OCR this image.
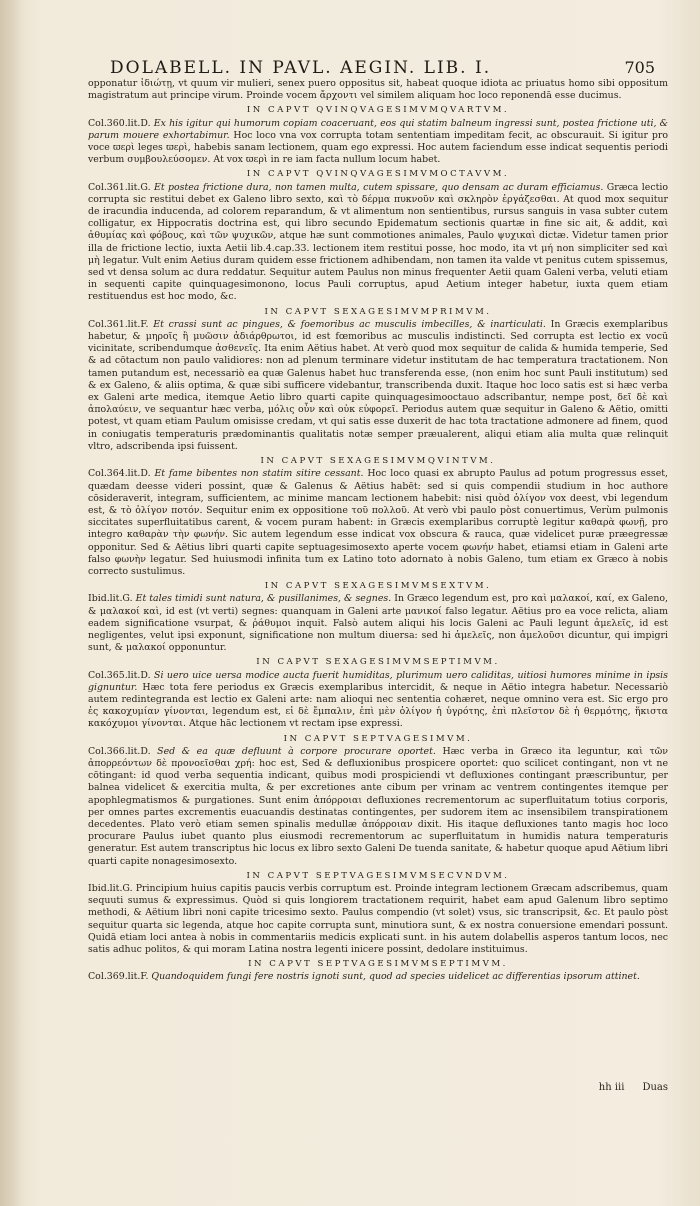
DOLABELL. IN PAVL. AEGIN. LIB. I.	705

opponatur ἰδιώτῃ, vt quum vir mulieri, senex puero oppositus sit, habeat quoque idiota ac priuatus homo sibi oppositum magistratum aut principe virum. Proinde vocem ἄρχοντι vel similem aliquam hoc loco reponendā esse ducimus.

IN CAPVT QVINQVAGESIMVMQVARTVM.

Col.360.lit.D. Ex his igitur qui humorum copiam coaceruant, eos qui statim balneum ingressi sunt, postea frictione uti, & parum mouere exhortabimur. Hoc loco vna vox corrupta totam sententiam impeditam fecit, ac obscurauit. Si igitur pro voce ϖερὶ leges ϖερὶ, habebis sanam lectionem, quam ego expressi. Hoc autem faciendum esse indicat sequentis periodi verbum συμβουλεύσομεν. At vox ϖερὶ in re iam facta nullum locum habet.

IN CAPVT QVINQVAGESIMVMOCTAVVM.

Col.361.lit.G. Et postea frictione dura, non tamen multa, cutem spissare, quo densam ac duram efficiamus. Græca lectio corrupta sic restitui debet ex Galeno libro sexto, καὶ τὸ δέρμα πυκνοῦν καὶ σκληρὸν ἐργάζεσθαι. At quod mox sequitur de iracundia inducenda, ad colorem reparandum, & vt alimentum non sentientibus, rursus sanguis in vasa subter cutem colligatur, ex Hippocratis doctrina est, qui libro secundo Epidematum sectionis quartæ in fine sic ait, & addit, καὶ ἀθυμίας καὶ φόβους, καὶ τῶν ψυχικῶν, atque hæ sunt commotiones animales, Paulo ψυχικαὶ dictæ. Videtur tamen prior illa de frictione lectio, iuxta Aetii lib.4.cap.33. lectionem item restitui posse, hoc modo, ita vt μή non simpliciter sed καὶ μὴ legatur. Vult enim Aetius duram quidem esse frictionem adhibendam, non tamen ita valde vt penitus cutem spissemus, sed vt densa solum ac dura reddatur. Sequitur autem Paulus non minus frequenter Aetii quam Galeni verba, veluti etiam in sequenti capite quinquagesimonono, locus Pauli corruptus, apud Aetium integer habetur, iuxta quem etiam restituendus est hoc modo, &c.

IN CAPVT SEXAGESIMVMPRIMVM.

Col.361.lit.F. Et crassi sunt ac pingues, & foemoribus ac musculis imbecilles, & inarticulati. In Græcis exemplaribus habetur, & μηροῖς ἢ μυῶσιν ἀδιάρθρωτοι, id est fœmoribus ac musculis indistincti. Sed corrupta est lectio ex vocū vicinitate, scribendumque ἀσθενεῖς. Ita enim Aëtius habet. At verò quod mox sequitur de calida & humida temperie, Sed & ad cōtactum non paulo validiores: non ad plenum terminare videtur institutam de hac temperatura tractationem. Non tamen putandum est, necessariò ea quæ Galenus habet huc transferenda esse, (non enim hoc sunt Pauli institutum) sed & ex Galeno, & aliis optima, & quæ sibi sufficere videbantur, transcribenda duxit. Itaque hoc loco satis est si hæc verba ex Galeni arte medica, itemque Aetio libro quarti capite quinquagesimooctauo adscribantur, nempe post, δεῖ δὲ καὶ ἀπολαύειν, ve sequantur hæc verba, μόλις οὖν καὶ οὐκ εὐφορεῖ. Periodus autem quæ sequitur in Galeno & Aëtio, omitti potest, vt quam etiam Paulum omisisse credam, vt qui satis esse duxerit de hac tota tractatione admonere ad finem, quod in coniugatis temperaturis prædominantis qualitatis notæ semper præualerent, aliqui etiam alia multa quæ relinquit vltro, adscribenda ipsi fuissent.

IN CAPVT SEXAGESIMVMQVINTVM.

Col.364.lit.D. Et fame bibentes non statim sitire cessant. Hoc loco quasi ex abrupto Paulus ad potum progressus esset, quædam deesse videri possint, quæ & Galenus & Aëtius habēt: sed si quis compendii studium in hoc authore cōsideraverit, integram, sufficientem, ac minime mancam lectionem habebit: nisi quòd ὀλίγον vox deest, vbi legendum est, & τὸ ὀλίγον ποτόν. Sequitur enim ex oppositione τοῦ πολλοῦ. At verò vbi paulo pòst conuertimus, Verùm pulmonis siccitates superfluitatibus carent, & vocem puram habent: in Græcis exemplaribus corruptè legitur καθαρὰ φωνῇ, pro integro καθαρὰν τὴν φωνήν. Sic autem legendum esse indicat vox obscura & rauca, quæ videlicet puræ præegressæ opponitur. Sed & Aëtius libri quarti capite septuagesimosexto aperte vocem φωνήν habet, etiamsi etiam in Galeni arte falso φωνὴν legatur. Sed huiusmodi infinita tum ex Latino toto adornato à nobis Galeno, tum etiam ex Græco à nobis correcto sustulimus.

IN CAPVT SEXAGESIMVMSEXTVM.

Ibid.lit.G. Et tales timidi sunt natura, & pusillanimes, & segnes. In Græco legendum est, pro καὶ μαλακοί, καί, ex Galeno, & μαλακοί καὶ, id est (vt verti) segnes: quanquam in Galeni arte μανικοί falso legatur. Aëtius pro ea voce relicta, aliam eadem significatione vsurpat, & ῥάθυμοι inquit. Falsò autem aliqui his locis Galeni ac Pauli legunt ἀμελεῖς, id est negligentes, velut ipsi exponunt, significatione non multum diuersa: sed hi ἀμελεῖς, non ἀμελοῦσι dicuntur, qui impigri sunt, & μαλακοί opponuntur.

IN CAPVT SEXAGESIMVMSEPTIMVM.

Col.365.lit.D. Si uero uice uersa modice aucta fuerit humiditas, plurimum uero caliditas, uitiosi humores minime in ipsis gignuntur. Hæc tota fere periodus ex Græcis exemplaribus intercidit, & neque in Aëtio integra habetur. Necessariò autem redintegranda est lectio ex Galeni arte: nam alioqui nec sententia cohæret, neque omnino vera est. Sic ergo pro ἐς κακοχυμίαν γίνονται, legendum est, εἰ δὲ ἔμπαλιν, ἐπὶ μὲν ὀλίγον ἡ ὑγρότης, ἐπὶ πλεῖστον δὲ ἡ θερμότης, ἥκιστα κακόχυμοι γίνονται. Atque hāc lectionem vt rectam ipse expressi.

IN CAPVT SEPTVAGESIMVM.

Col.366.lit.D. Sed & ea quæ defluunt à corpore procurare oportet. Hæc verba in Græco ita leguntur, καὶ τῶν ἀπορρεόντων δὲ προνοεῖσθαι χρή: hoc est, Sed & defluxionibus prospicere oportet: quo scilicet contingant, non vt ne cōtingant: id quod verba sequentia indicant, quibus modi prospiciendi vt defluxiones contingant præscribuntur, per balnea videlicet & exercitia multa, & per excretiones ante cibum per vrinam ac ventrem contingentes itemque per apophlegmatismos & purgationes. Sunt enim ἀπόρροιαι defluxiones recrementorum ac superfluitatum totius corporis, per omnes partes excrementis euacuandis destinatas contingentes, per sudorem item ac insensibilem transpirationem decedentes. Plato verò etiam semen spinalis medullæ ἀπόρροιαν dixit. His itaque defluxiones tanto magis hoc loco procurare Paulus iubet quanto plus eiusmodi recrementorum ac superfluitatum in humidis natura temperaturis generatur. Est autem transcriptus hic locus ex libro sexto Galeni De tuenda sanitate, & habetur quoque apud Aëtium libri quarti capite nonagesimosexto.

IN CAPVT SEPTVAGESIMVMSECVNDVM.

Ibid.lit.G. Principium huius capitis paucis verbis corruptum est. Proinde integram lectionem Græcam adscribemus, quam sequuti sumus & expressimus. Quòd si quis longiorem tractationem requirit, habet eam apud Galenum libro septimo methodi, & Aëtium libri noni capite tricesimo sexto. Paulus compendio (vt solet) vsus, sic transcripsit, &c. Et paulo pòst sequitur quarta sic legenda, atque hoc capite corrupta sunt, minutiora sunt, & ex nostra conuersione emendari possunt. Quidā etiam loci antea à nobis in commentariis medicis explicati sunt. in his autem dolabellis asperos tantum locos, nec satis adhuc politos, & qui moram Latina nostra legenti inicere possint, dedolare instituimus.

IN CAPVT SEPTVAGESIMVMSEPTIMVM.

Col.369.lit.F. Quandoquidem fungi fere nostris ignoti sunt, quod ad species uidelicet ac differentias ipsorum attinet.

hh iii Duas
